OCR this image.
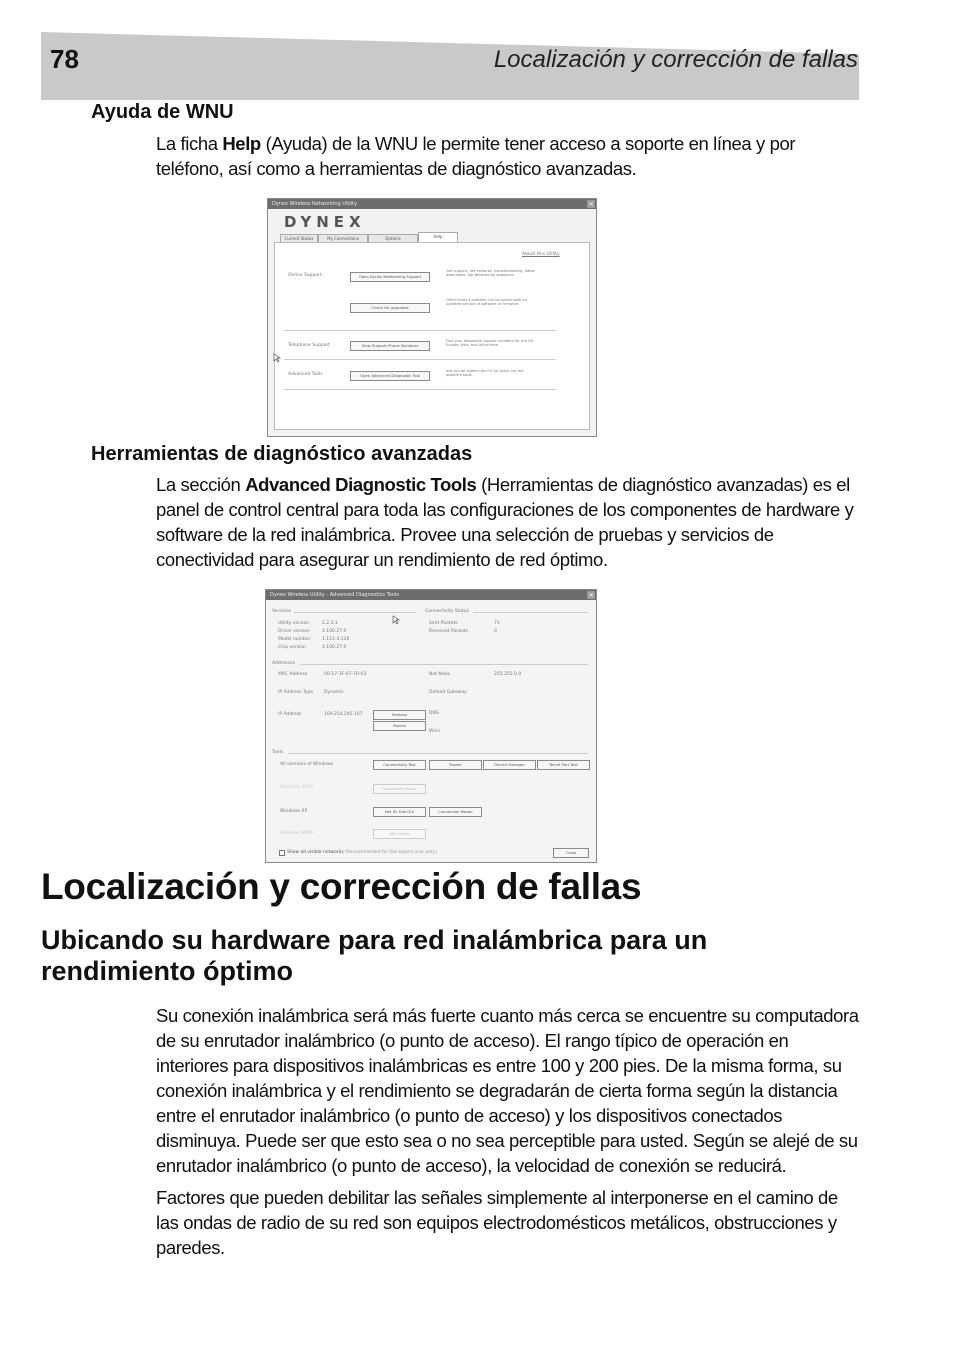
78	Localización y corrección de fallas
Ayuda de WNU

La ficha Help (Ayuda) de la WNU le permite tener acceso a soporte en línea y por teléfono, así como a herramientas de diagnóstico avanzadas.

Dynex Wireless Networking Utility	×
DYNEX
Current Status	My Connections	Options	Help
About this Utility
Online Support	Open Dynex Networking Support
Get support, like features, troubleshooting, latest downloads, top Networking questions.
Check for upgrades
Often times a problem can be solved with an updated version of software or firmware.
Telephone Support	View Support Phone Numbers
Find your telephone support numbers for the US, Europe, Asia, and Africa here.
Advanced Tools	Open Advanced Diagnostic Tool
Are you an expert user? If so check out the powerful tools.
Herramientas de diagnóstico avanzadas

La sección Advanced Diagnostic Tools (Herramientas de diagnóstico avanzadas) es el panel de control central para toda las configuraciones de los componentes de hardware y software de la red inalámbrica. Provee una selección de pruebas y servicios de conectividad para asegurar un rendimiento de red óptimo.

Dynex Wireless Utility - Advanced Diagnostics Tools	×
Versions
Utility version	2.2.3.1
Driver version	4.100.27.0
Model number	1.115-4.126
Chip version	4.100.27.0
Connectivity Status
Sent Packets	73
Received Packets	0
Addresses
MAC Address	00-17-3F-07-70-03	Net Mask	255.255.0.0
IP Address Type Dynamic	Default Gateway
IP Address	169.254.245.167	Release
Renew
DNS
Wins
Tools
All versions of Windows	Connectivity Test	Router	Device Manager	Telnet Port Test
Windows 2000	Connection Repair
Windows XP	Net Sh Dial GUI	Connection Repair
Windows 98ME	Win Config
Show all visible networks (Recommended for the expert user only)	Close
Localización y corrección de fallas
Ubicando su hardware para red inalámbrica para un rendimiento óptimo

Su conexión inalámbrica será más fuerte cuanto más cerca se encuentre su computadora de su enrutador inalámbrico (o punto de acceso). El rango típico de operación en interiores para dispositivos inalámbricas es entre 100 y 200 pies. De la misma forma, su conexión inalámbrica y el rendimiento se degradarán de cierta forma según la distancia entre el enrutador inalámbrico (o punto de acceso) y los dispositivos conectados disminuya. Puede ser que esto sea o no sea perceptible para usted. Según se alejé de su enrutador inalámbrico (o punto de acceso), la velocidad de conexión se reducirá.

Factores que pueden debilitar las señales simplemente al interponerse en el camino de las ondas de radio de su red son equipos electrodomésticos metálicos, obstrucciones y paredes.
